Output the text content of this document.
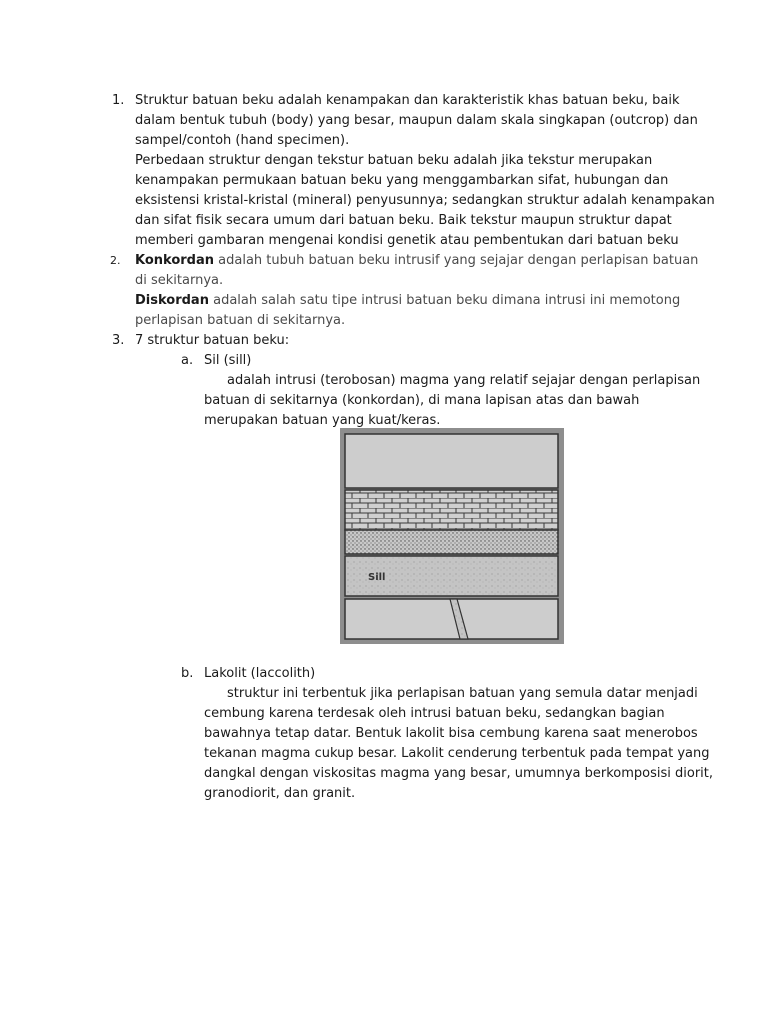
1. Struktur batuan beku adalah kenampakan dan karakteristik khas batuan beku, baik
dalam bentuk tubuh (body) yang besar, maupun dalam skala singkapan (outcrop) dan
sampel/contoh (hand specimen).
Perbedaan struktur dengan tekstur batuan beku adalah jika tekstur merupakan
kenampakan permukaan batuan beku yang menggambarkan sifat, hubungan dan
eksistensi kristal-kristal (mineral) penyusunnya; sedangkan struktur adalah kenampakan
dan sifat fisik secara umum dari batuan beku. Baik tekstur maupun struktur dapat
memberi gambaran mengenai kondisi genetik atau pembentukan dari batuan beku
2. Konkordan adalah tubuh batuan beku intrusif yang sejajar dengan perlapisan batuan
di sekitarnya.
Diskordan adalah salah satu tipe intrusi batuan beku dimana intrusi ini memotong
perlapisan batuan di sekitarnya.
3. 7 struktur batuan beku:
a. Sil (sill)
adalah intrusi (terobosan) magma yang relatif sejajar dengan perlapisan
batuan di sekitarnya (konkordan), di mana lapisan atas dan bawah
merupakan batuan yang kuat/keras.
Sill
b. Lakolit (laccolith)
struktur ini terbentuk jika perlapisan batuan yang semula datar menjadi
cembung karena terdesak oleh intrusi batuan beku, sedangkan bagian
bawahnya tetap datar. Bentuk lakolit bisa cembung karena saat menerobos
tekanan magma cukup besar. Lakolit cenderung terbentuk pada tempat yang
dangkal dengan viskositas magma yang besar, umumnya berkomposisi diorit,
granodiorit, dan granit.
